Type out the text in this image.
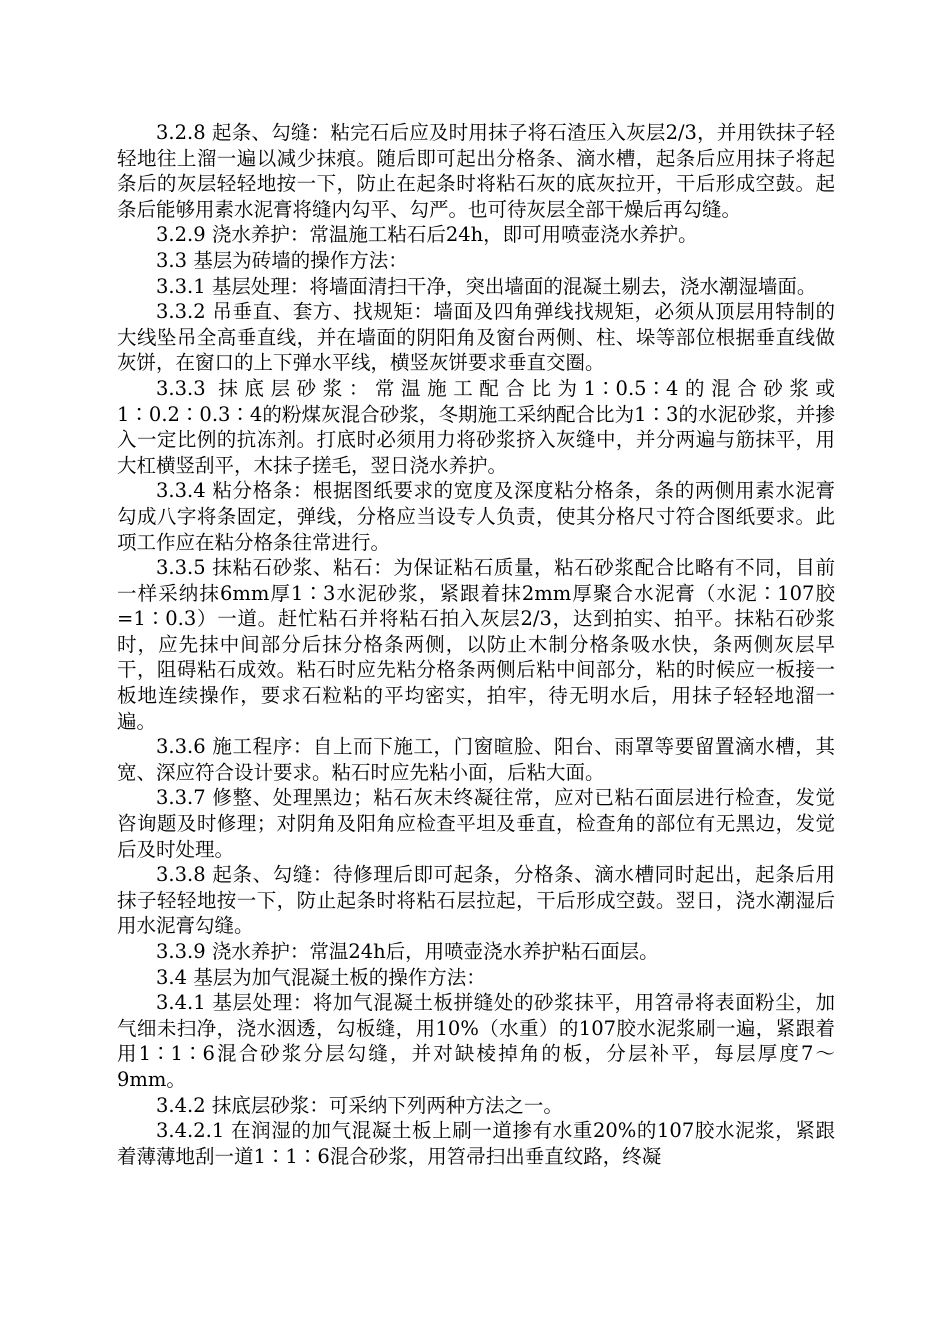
3.2.8 起条、勾缝：粘完石后应及时用抹子将石渣压入灰层2/3，并用铁抹子轻轻地往上溜一遍以减少抹痕。随后即可起出分格条、滴水槽，起条后应用抹子将起条后的灰层轻轻地按一下，防止在起条时将粘石灰的底灰拉开，干后形成空鼓。起条后能够用素水泥膏将缝内勾平、勾严。也可待灰层全部干燥后再勾缝。

3.2.9 浇水养护：常温施工粘石后24h，即可用喷壶浇水养护。

3.3 基层为砖墙的操作方法：

3.3.1 基层处理：将墙面清扫干净，突出墙面的混凝土剔去，浇水潮湿墙面。

3.3.2 吊垂直、套方、找规矩：墙面及四角弹线找规矩，必须从顶层用特制的大线坠吊全高垂直线，并在墙面的阴阳角及窗台两侧、柱、垛等部位根据垂直线做灰饼，在窗口的上下弹水平线，横竖灰饼要求垂直交圈。

3.3.3 抹底层砂浆：常温施工配合比为1∶0.5∶4的混合砂浆或1∶0.2∶0.3∶4的粉煤灰混合砂浆，冬期施工采纳配合比为1∶3的水泥砂浆，并掺入一定比例的抗冻剂。打底时必须用力将砂浆挤入灰缝中，并分两遍与筋抹平，用大杠横竖刮平，木抹子搓毛，翌日浇水养护。

3.3.4 粘分格条：根据图纸要求的宽度及深度粘分格条，条的两侧用素水泥膏勾成八字将条固定，弹线，分格应当设专人负责，使其分格尺寸符合图纸要求。此项工作应在粘分格条往常进行。

3.3.5 抹粘石砂浆、粘石：为保证粘石质量，粘石砂浆配合比略有不同，目前一样采纳抹6mm厚1∶3水泥砂浆，紧跟着抹2mm厚聚合水泥膏（水泥∶107胶=1∶0.3）一道。赶忙粘石并将粘石拍入灰层2/3，达到拍实、拍平。抹粘石砂浆时，应先抹中间部分后抹分格条两侧，以防止木制分格条吸水快，条两侧灰层早干，阻碍粘石成效。粘石时应先粘分格条两侧后粘中间部分，粘的时候应一板接一板地连续操作，要求石粒粘的平均密实，拍牢，待无明水后，用抹子轻轻地溜一遍。

3.3.6 施工程序：自上而下施工，门窗暄脸、阳台、雨罩等要留置滴水槽，其宽、深应符合设计要求。粘石时应先粘小面，后粘大面。

3.3.7 修整、处理黑边；粘石灰未终凝往常，应对已粘石面层进行检查，发觉咨询题及时修理；对阴角及阳角应检查平坦及垂直，检查角的部位有无黑边，发觉后及时处理。

3.3.8 起条、勾缝：待修理后即可起条，分格条、滴水槽同时起出，起条后用抹子轻轻地按一下，防止起条时将粘石层拉起，干后形成空鼓。翌日，浇水潮湿后用水泥膏勾缝。

3.3.9 浇水养护：常温24h后，用喷壶浇水养护粘石面层。

3.4 基层为加气混凝土板的操作方法：

3.4.1 基层处理：将加气混凝土板拼缝处的砂浆抹平，用笤帚将表面粉尘，加气细未扫净，浇水洇透，勾板缝，用10%（水重）的107胶水泥浆刷一遍，紧跟着用1∶1∶6混合砂浆分层勾缝，并对缺棱掉角的板，分层补平，每层厚度7～9mm。

3.4.2 抹底层砂浆：可采纳下列两种方法之一。

3.4.2.1 在润湿的加气混凝土板上刷一道掺有水重20%的107胶水泥浆，紧跟着薄薄地刮一道1∶1∶6混合砂浆，用笤帚扫出垂直纹路，终凝
